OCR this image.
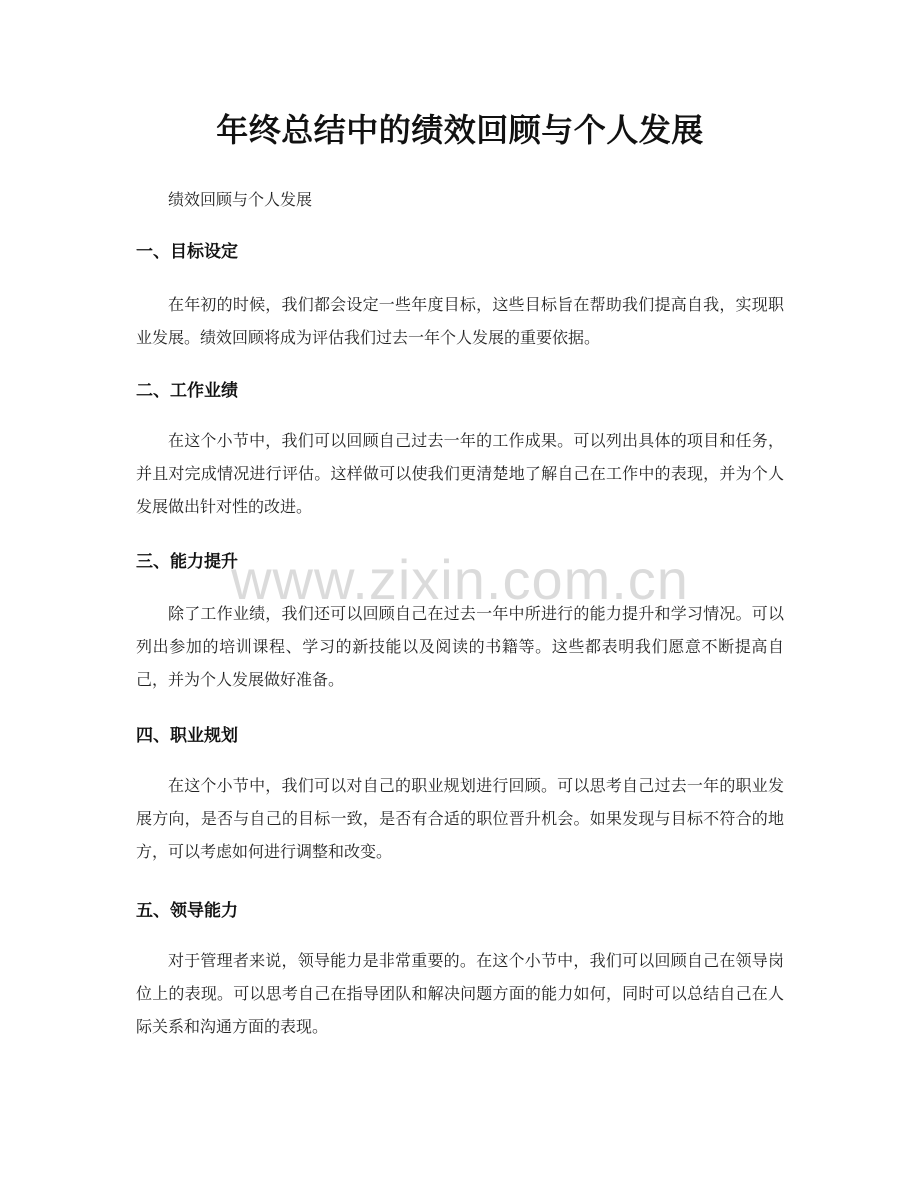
年终总结中的绩效回顾与个人发展
绩效回顾与个人发展
一、目标设定
在年初的时候，我们都会设定一些年度目标，这些目标旨在帮助我们提高自我，实现职业发展。绩效回顾将成为评估我们过去一年个人发展的重要依据。
二、工作业绩
在这个小节中，我们可以回顾自己过去一年的工作成果。可以列出具体的项目和任务，并且对完成情况进行评估。这样做可以使我们更清楚地了解自己在工作中的表现，并为个人发展做出针对性的改进。
三、能力提升
除了工作业绩，我们还可以回顾自己在过去一年中所进行的能力提升和学习情况。可以列出参加的培训课程、学习的新技能以及阅读的书籍等。这些都表明我们愿意不断提高自己，并为个人发展做好准备。
四、职业规划
在这个小节中，我们可以对自己的职业规划进行回顾。可以思考自己过去一年的职业发展方向，是否与自己的目标一致，是否有合适的职位晋升机会。如果发现与目标不符合的地方，可以考虑如何进行调整和改变。
五、领导能力
对于管理者来说，领导能力是非常重要的。在这个小节中，我们可以回顾自己在领导岗位上的表现。可以思考自己在指导团队和解决问题方面的能力如何，同时可以总结自己在人际关系和沟通方面的表现。
www.zixin.com.cn
